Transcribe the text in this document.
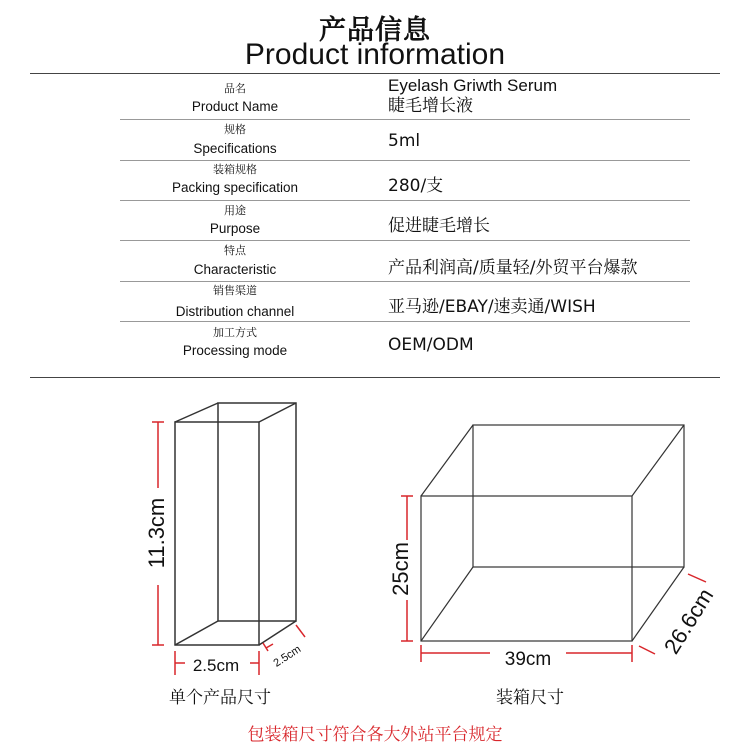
产品信息
Product information
品名
Product Name
Eyelash Griwth Serum
睫毛增长液
规格
Specifications	5ml
装箱规格
Packing specification	280/支
用途
Purpose	促进睫毛增长
特点
Characteristic	产品利润高/质量轻/外贸平台爆款
销售渠道
Distribution channel	亚马逊/EBAY/速卖通/WISH
加工方式
Processing mode	OEM/ODM
11.3cm
2.5cm	2.5cm
25cm
39cm
26.6cm
单个产品尺寸	装箱尺寸
包装箱尺寸符合各大外站平台规定
